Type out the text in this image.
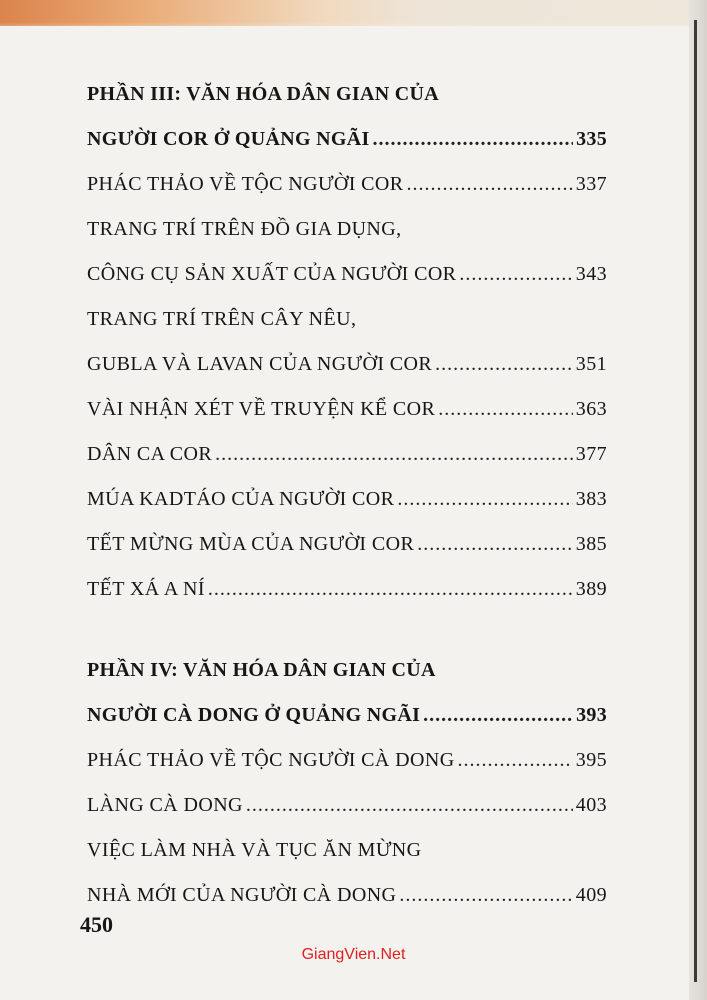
PHẦN III: VĂN HÓA DÂN GIAN CỦA
NGƯỜI COR Ở QUẢNG NGÃI .....	335
PHÁC THẢO VỀ TỘC NGƯỜI COR .....	337
TRANG TRÍ TRÊN ĐỒ GIA DỤNG,
CÔNG CỤ SẢN XUẤT CỦA NGƯỜI COR .....	343
TRANG TRÍ TRÊN CÂY NÊU,
GUBLA VÀ LAVAN CỦA NGƯỜI COR .....	351
VÀI NHẬN XÉT VỀ TRUYỆN KỂ COR .....	363
DÂN CA COR .....	377
MÚA KADTÁO CỦA NGƯỜI COR .....	383
TẾT MỪNG MÙA CỦA NGƯỜI COR .....	385
TẾT XÁ A NÍ .....	389
PHẦN IV: VĂN HÓA DÂN GIAN CỦA
NGƯỜI CÀ DONG Ở QUẢNG NGÃI .....	393
PHÁC THẢO VỀ TỘC NGƯỜI CÀ DONG .....	395
LÀNG CÀ DONG .....	403
VIỆC LÀM NHÀ VÀ TỤC ĂN MỪNG
NHÀ MỚI CỦA NGƯỜI CÀ DONG .....	409
450
GiangVien.Net
